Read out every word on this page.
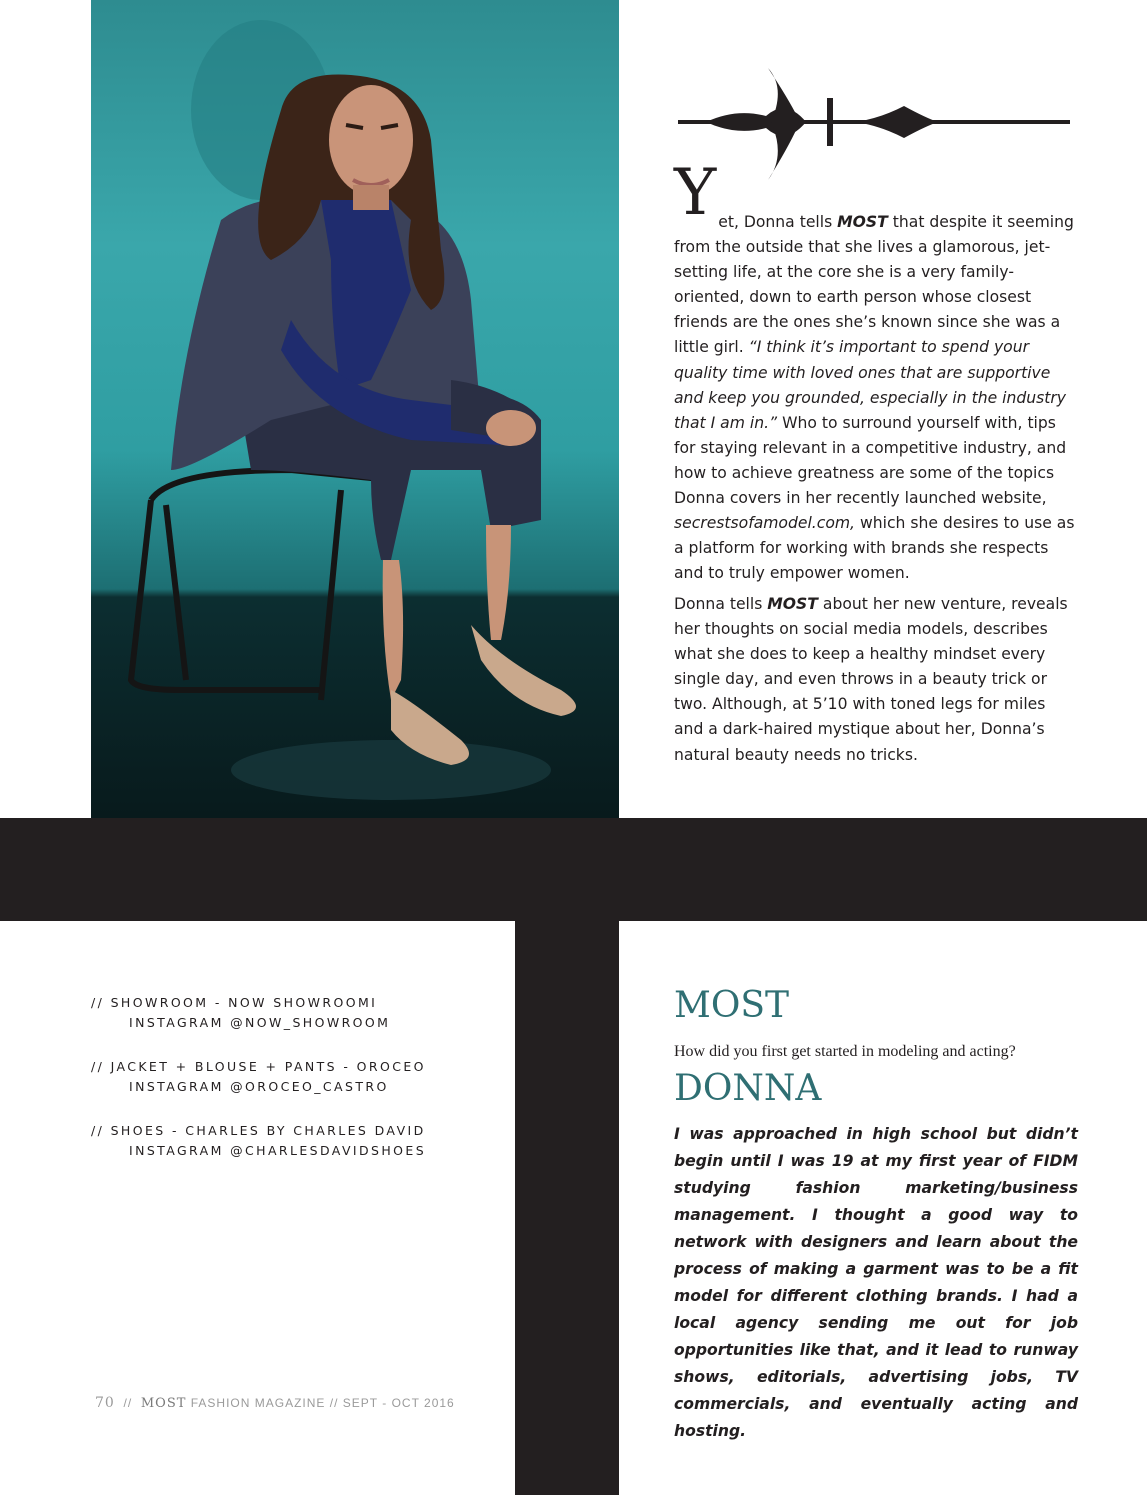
Yet, Donna tells MOST that despite it seeming from the outside that she lives a glamorous, jet-setting life, at the core she is a very family-oriented, down to earth person whose closest friends are the ones she’s known since she was a little girl. “I think it’s important to spend your quality time with loved ones that are supportive and keep you grounded, especially in the industry that I am in.” Who to surround yourself with, tips for staying relevant in a competitive industry, and how to achieve greatness are some of the topics Donna covers in her recently launched website, secrestsofamodel.com, which she desires to use as a platform for working with brands she respects and to truly empower women.

Donna tells MOST about her new venture, reveals her thoughts on social media models, describes what she does to keep a healthy mindset every single day, and even throws in a beauty trick or two. Although, at 5’10 with toned legs for miles and a dark-haired mystique about her, Donna’s natural beauty needs no tricks.

// SHOWROOM - NOW SHOWROOMI
INSTAGRAM @NOW_SHOWROOM
// JACKET + BLOUSE + PANTS - OROCEO
INSTAGRAM @OROCEO_CASTRO
// SHOES - CHARLES BY CHARLES DAVID
INSTAGRAM @CHARLESDAVIDSHOES
70 // MOST FASHION MAGAZINE // SEPT - OCT 2016
MOST
How did you first get started in modeling and acting?
DONNA

I was approached in high school but didn’t begin until I was 19 at my first year of FIDM studying fashion marketing/business management. I thought a good way to network with designers and learn about the process of making a garment was to be a fit model for different clothing brands. I had a local agency sending me out for job opportunities like that, and it lead to runway shows, editorials, advertising jobs, TV commercials, and eventually acting and hosting.
